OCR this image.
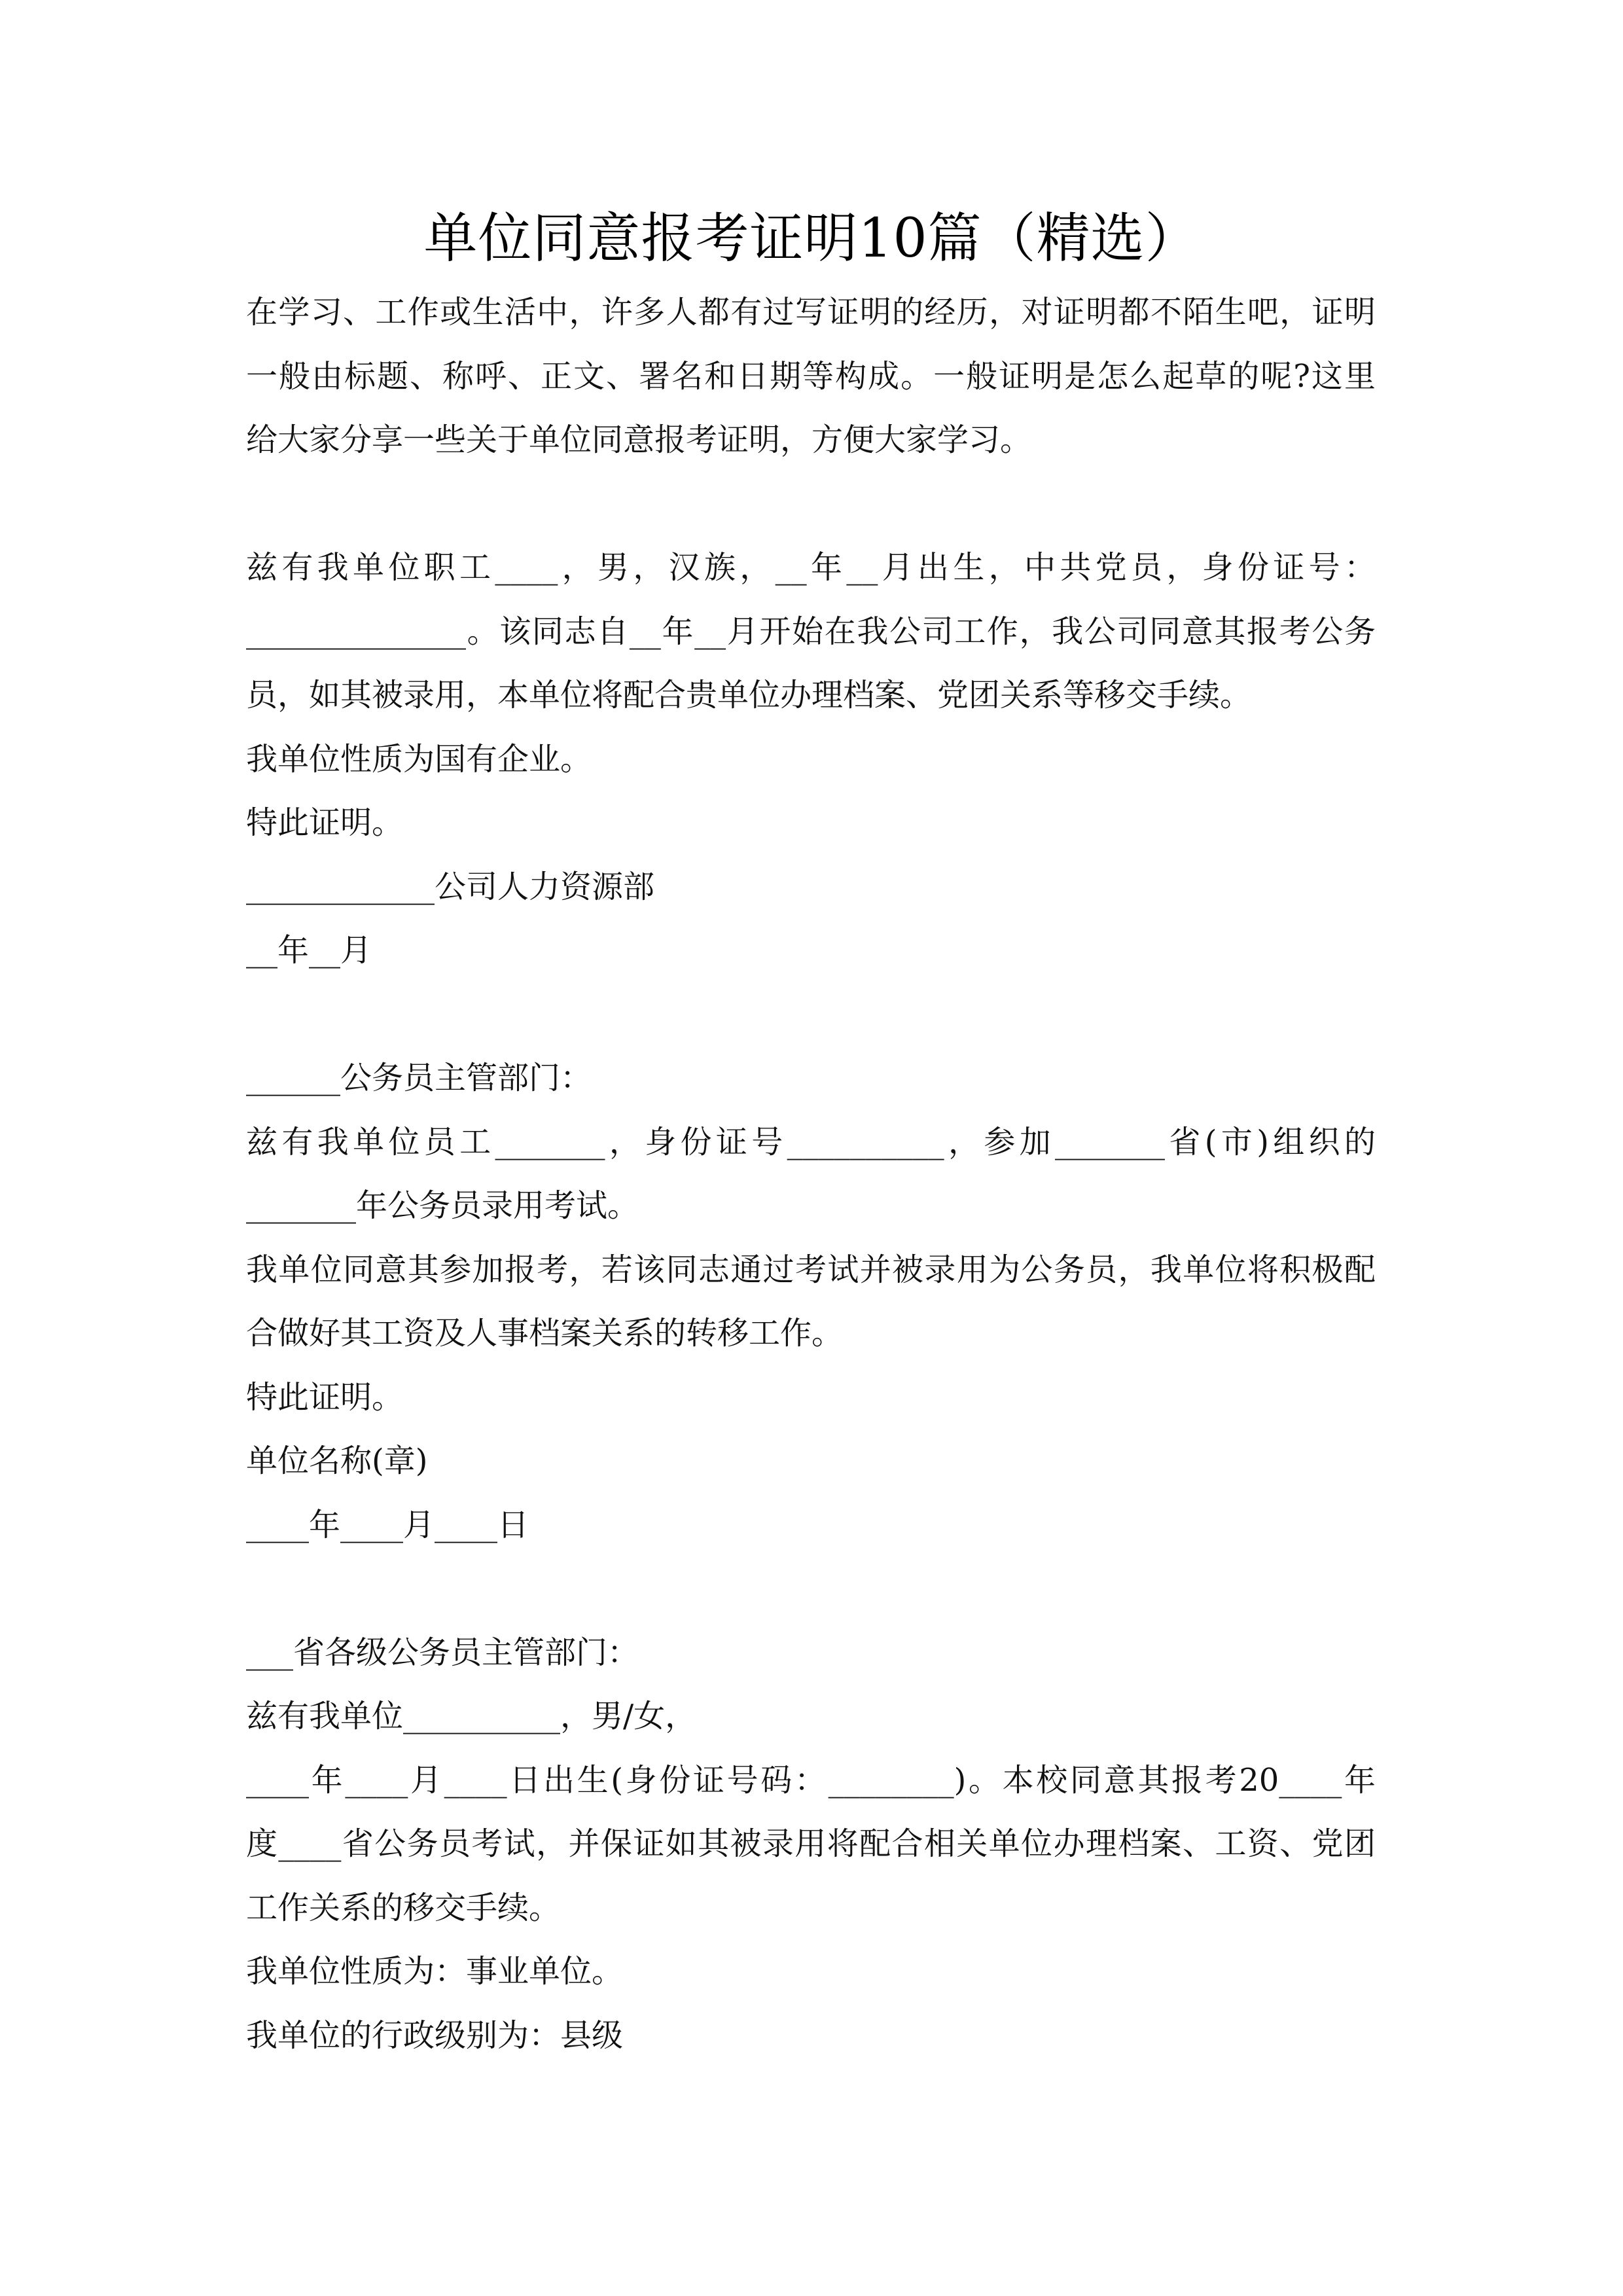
单位同意报考证明10篇（精选）
在学习、工作或生活中，许多人都有过写证明的经历，对证明都不陌生吧，证明
一般由标题、称呼、正文、署名和日期等构成。一般证明是怎么起草的呢?这里
给大家分享一些关于单位同意报考证明，方便大家学习。
兹有我单位职工____，男，汉族，__年__月出生，中共党员，身份证号：
______________。该同志自__年__月开始在我公司工作，我公司同意其报考公务
员，如其被录用，本单位将配合贵单位办理档案、党团关系等移交手续。
我单位性质为国有企业。
特此证明。
____________公司人力资源部
__年__月
______公务员主管部门：
兹有我单位员工_______，身份证号__________，参加_______省(市)组织的
_______年公务员录用考试。
我单位同意其参加报考，若该同志通过考试并被录用为公务员，我单位将积极配
合做好其工资及人事档案关系的转移工作。
特此证明。
单位名称(章)
____年____月____日
___省各级公务员主管部门：
兹有我单位__________，男/女，
____年____月____日出生(身份证号码：________)。本校同意其报考20____年
度____省公务员考试，并保证如其被录用将配合相关单位办理档案、工资、党团
工作关系的移交手续。
我单位性质为：事业单位。
我单位的行政级别为：县级
